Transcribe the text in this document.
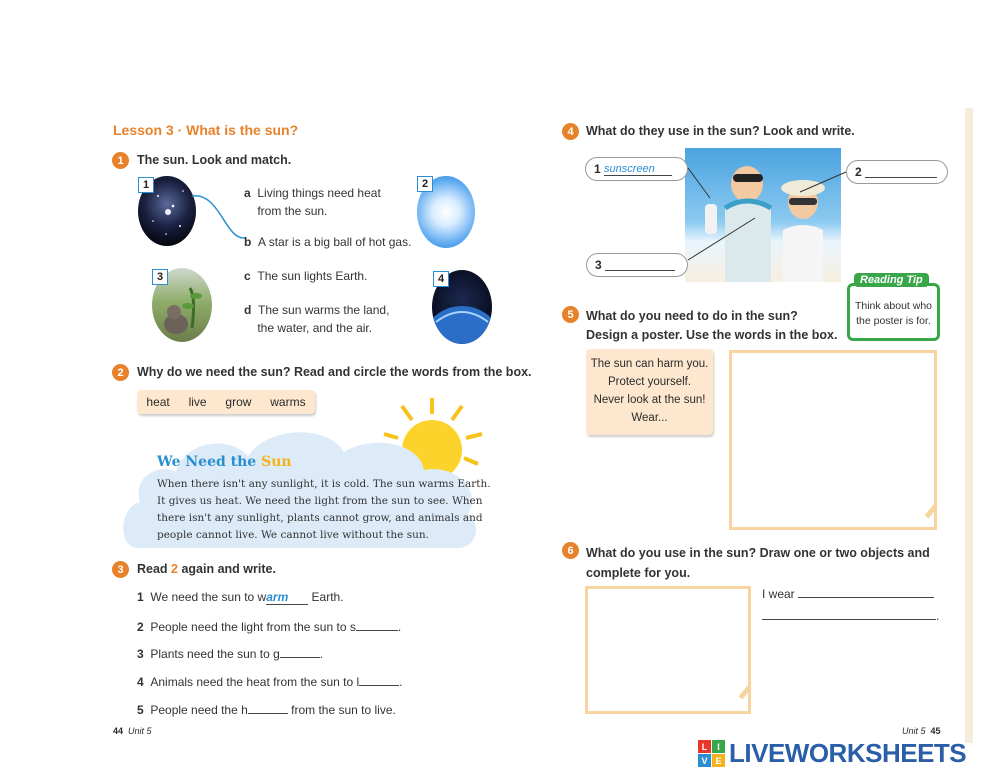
Lesson 3 · What is the sun?
1	The sun. Look and match.
1	2
3	4
a Living things need heat
from the sun.
b A star is a big ball of hot gas.
c The sun lights Earth.
d The sun warms the land,
the water, and the air.
2	Why do we need the sun? Read and circle the words from the box.
heat live grow warms
We Need the Sun
When there isn't any sunlight, it is cold. The sun warms Earth.
It gives us heat. We need the light from the sun to see. When
there isn't any sunlight, plants cannot grow, and animals and
people cannot live. We cannot live without the sun.
3	Read 2 again and write.
1 We need the sun to warm Earth.
2 People need the light from the sun to s	.
3 Plants need the sun to g	.
4 Animals need the heat from the sun to l	.
5 People need the h	from the sun to live.
44 Unit 5
4 What do they use in the sun? Look and write.
1
sunscreen	2

3

Reading Tip
Think about who
the poster is for.
5 What do you need to do in the sun?
Design a poster. Use the words in the box.
The sun can harm you.
Protect yourself.
Never look at the sun!
Wear...
6 What do you use in the sun? Draw one or two objects and
complete for you.
I wear
.
Unit 5 45
L	I
V E LIVEWORKSHEETS
